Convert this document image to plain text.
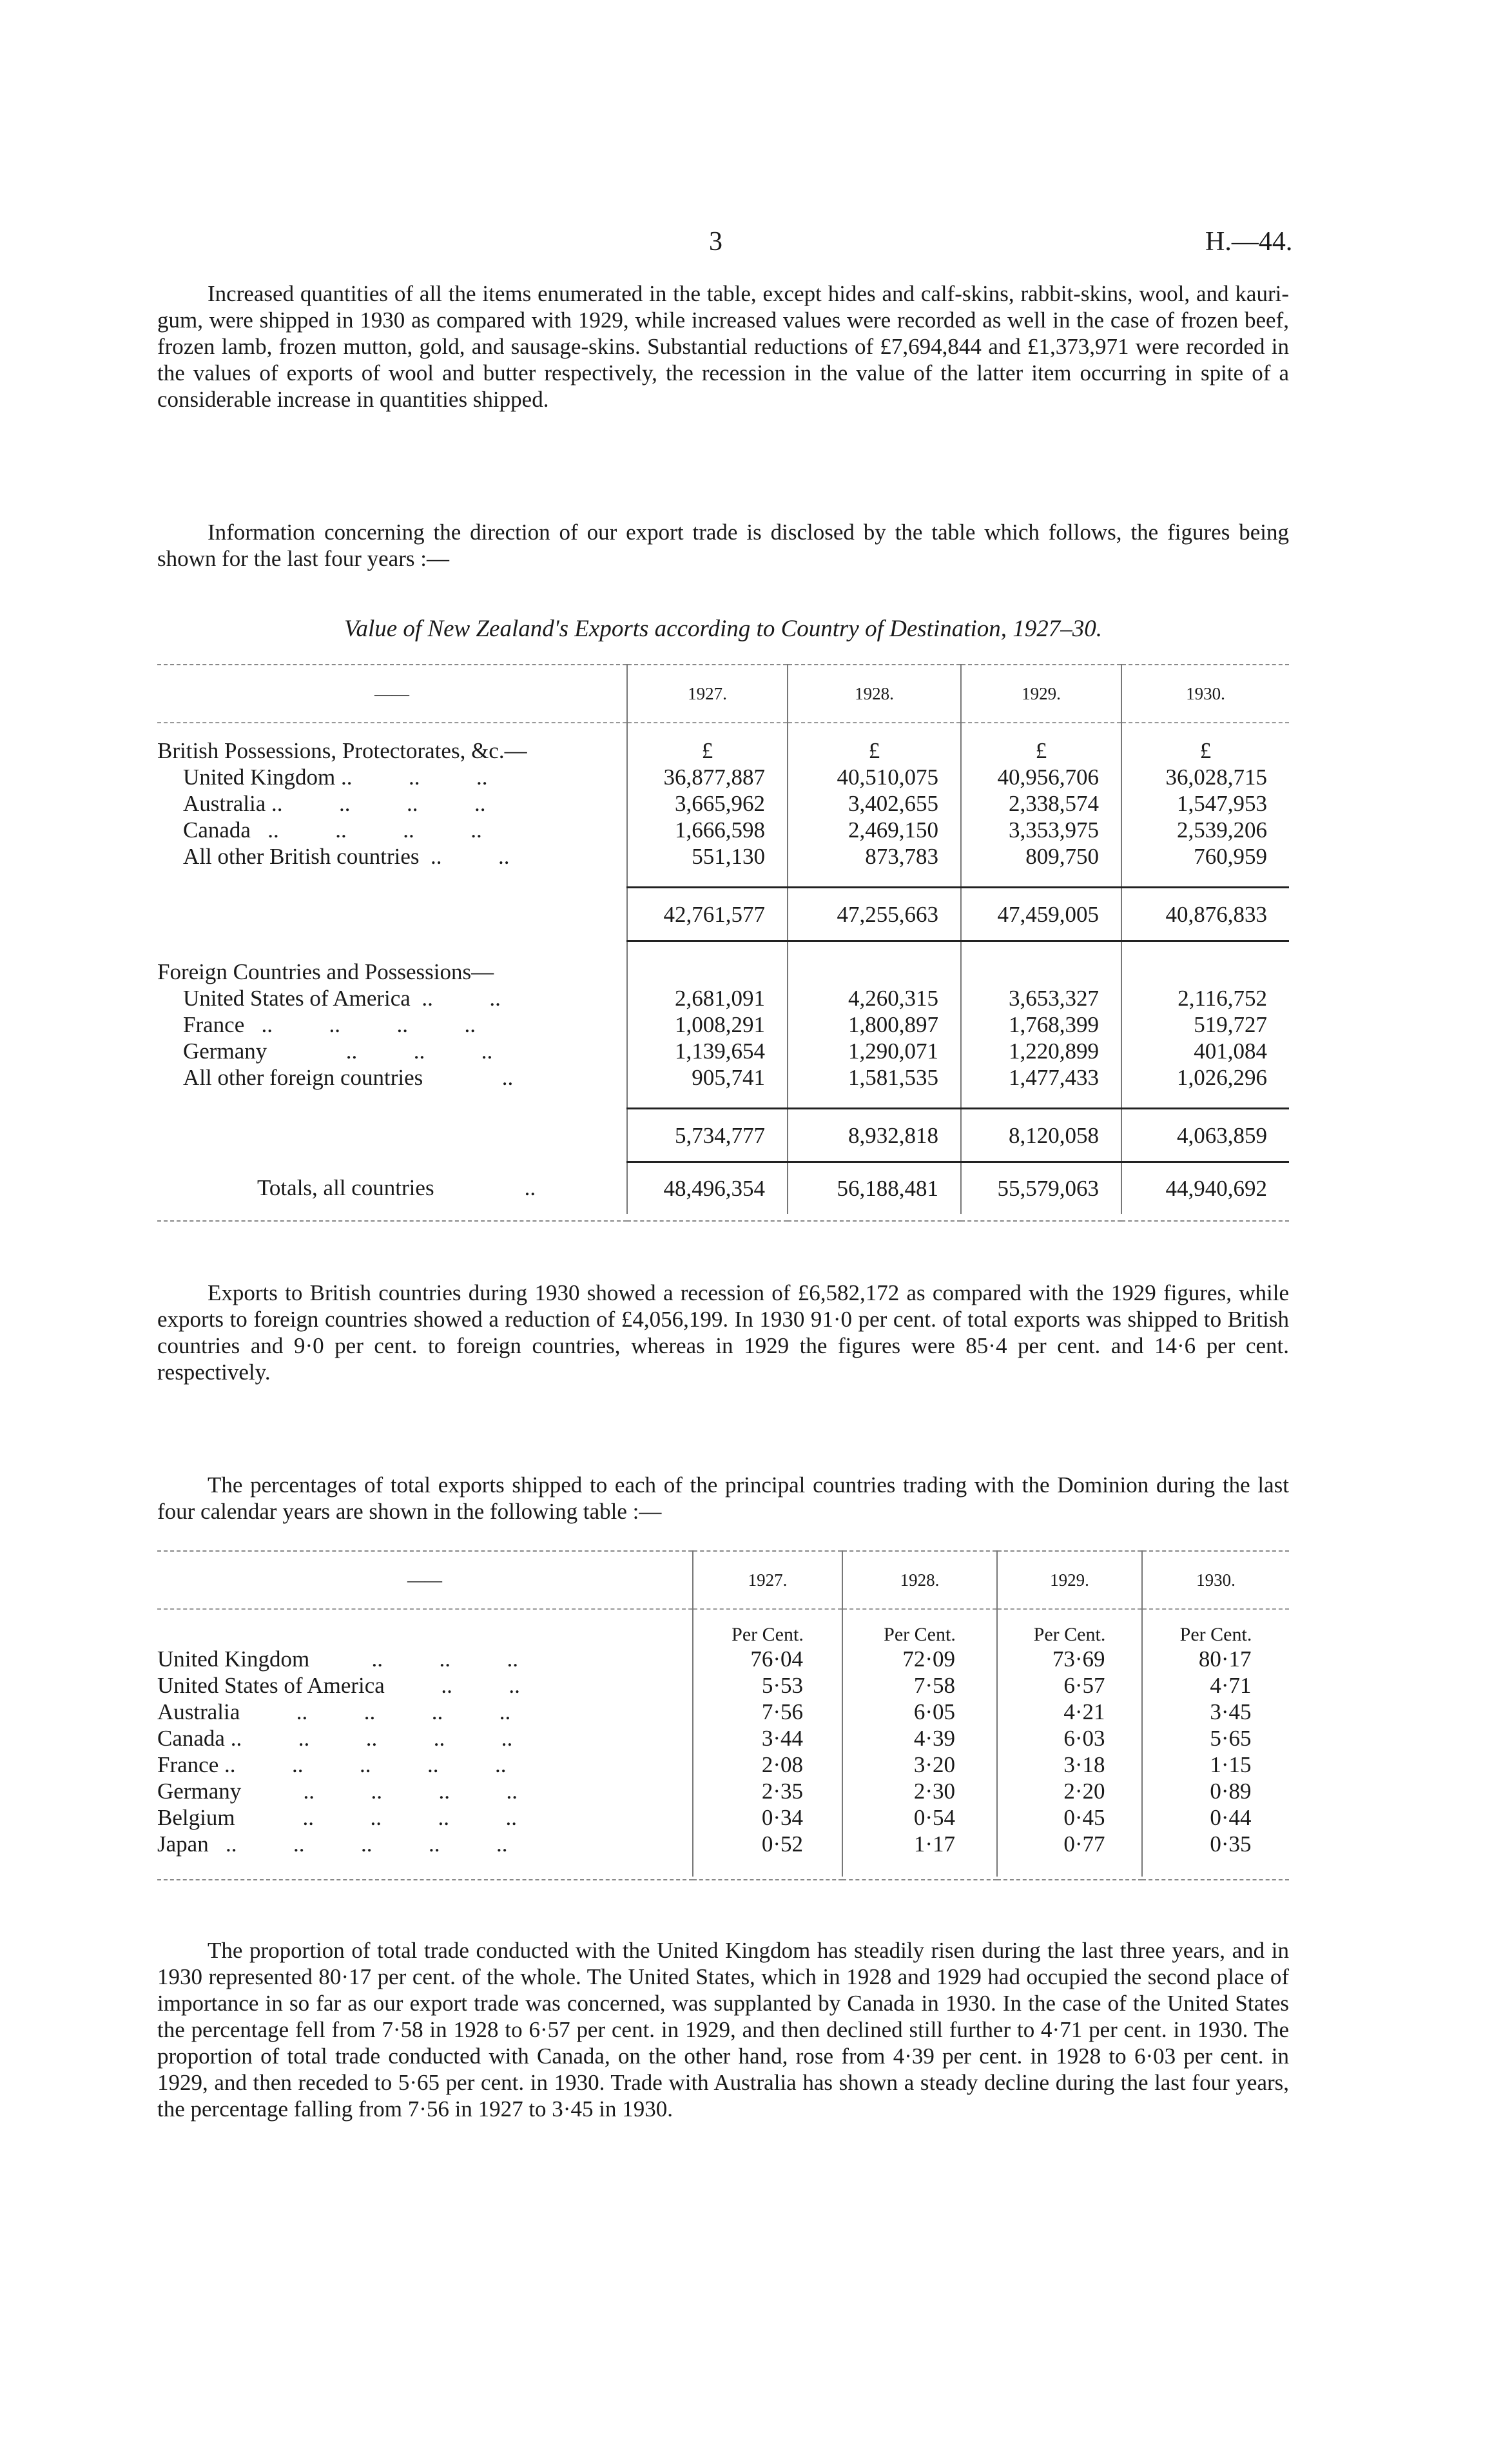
3	H.—44.
Increased quantities of all the items enumerated in the table, except hides and calf-skins, rabbit-skins, wool, and kauri-gum, were shipped in 1930 as compared with 1929, while increased values were recorded as well in the case of frozen beef, frozen lamb, frozen mutton, gold, and sausage-skins. Substantial reductions of £7,694,844 and £1,373,971 were recorded in the values of exports of wool and butter respectively, the recession in the value of the latter item occurring in spite of a considerable increase in quantities shipped.
Information concerning the direction of our export trade is disclosed by the table which follows, the figures being shown for the last four years :—
Value of New Zealand's Exports according to Country of Destination, 1927–30.
——	1927.	1928.	1929.	1930.

British Possessions, Protectorates, &c.—	£	£	£	£
United Kingdom ..          ..          ..	36,877,887	40,510,075	40,956,706	36,028,715
Australia ..          ..          ..          ..	3,665,962	3,402,655	2,338,574	1,547,953
Canada   ..          ..          ..          ..	1,666,598	2,469,150	3,353,975	2,539,206
All other British countries  ..          ..	551,130	873,783	809,750	760,959

	42,761,577	47,255,663	47,459,005	40,876,833

Foreign Countries and Possessions—				
United States of America  ..          ..	2,681,091	4,260,315	3,653,327	2,116,752
France   ..          ..          ..          ..	1,008,291	1,800,897	1,768,399	519,727
Germany              ..          ..          ..	1,139,654	1,290,071	1,220,899	401,084
All other foreign countries              ..	905,741	1,581,535	1,477,433	1,026,296

	5,734,777	8,932,818	8,120,058	4,063,859
Totals, all countries                ..	48,496,354	56,188,481	55,579,063	44,940,692

Exports to British countries during 1930 showed a recession of £6,582,172 as compared with the 1929 figures, while exports to foreign countries showed a reduction of £4,056,199. In 1930 91·0 per cent. of total exports was shipped to British countries and 9·0 per cent. to foreign countries, whereas in 1929 the figures were 85·4 per cent. and 14·6 per cent. respectively.
The percentages of total exports shipped to each of the principal countries trading with the Dominion during the last four calendar years are shown in the following table :—
——	1927.	1928.	1929.	1930.

	Per Cent.	Per Cent.	Per Cent.	Per Cent.
United Kingdom           ..          ..          ..	76·04	72·09	73·69	80·17
United States of America          ..          ..	5·53	7·58	6·57	4·71
Australia          ..          ..          ..          ..	7·56	6·05	4·21	3·45
Canada ..          ..          ..          ..          ..	3·44	4·39	6·03	5·65
France ..          ..          ..          ..          ..	2·08	3·20	3·18	1·15
Germany           ..          ..          ..          ..	2·35	2·30	2·20	0·89
Belgium            ..          ..          ..          ..	0·34	0·54	0·45	0·44
Japan   ..          ..          ..          ..          ..	0·52	1·17	0·77	0·35

The proportion of total trade conducted with the United Kingdom has steadily risen during the last three years, and in 1930 represented 80·17 per cent. of the whole. The United States, which in 1928 and 1929 had occupied the second place of importance in so far as our export trade was concerned, was supplanted by Canada in 1930. In the case of the United States the percentage fell from 7·58 in 1928 to 6·57 per cent. in 1929, and then declined still further to 4·71 per cent. in 1930. The proportion of total trade conducted with Canada, on the other hand, rose from 4·39 per cent. in 1928 to 6·03 per cent. in 1929, and then receded to 5·65 per cent. in 1930. Trade with Australia has shown a steady decline during the last four years, the percentage falling from 7·56 in 1927 to 3·45 in 1930.
